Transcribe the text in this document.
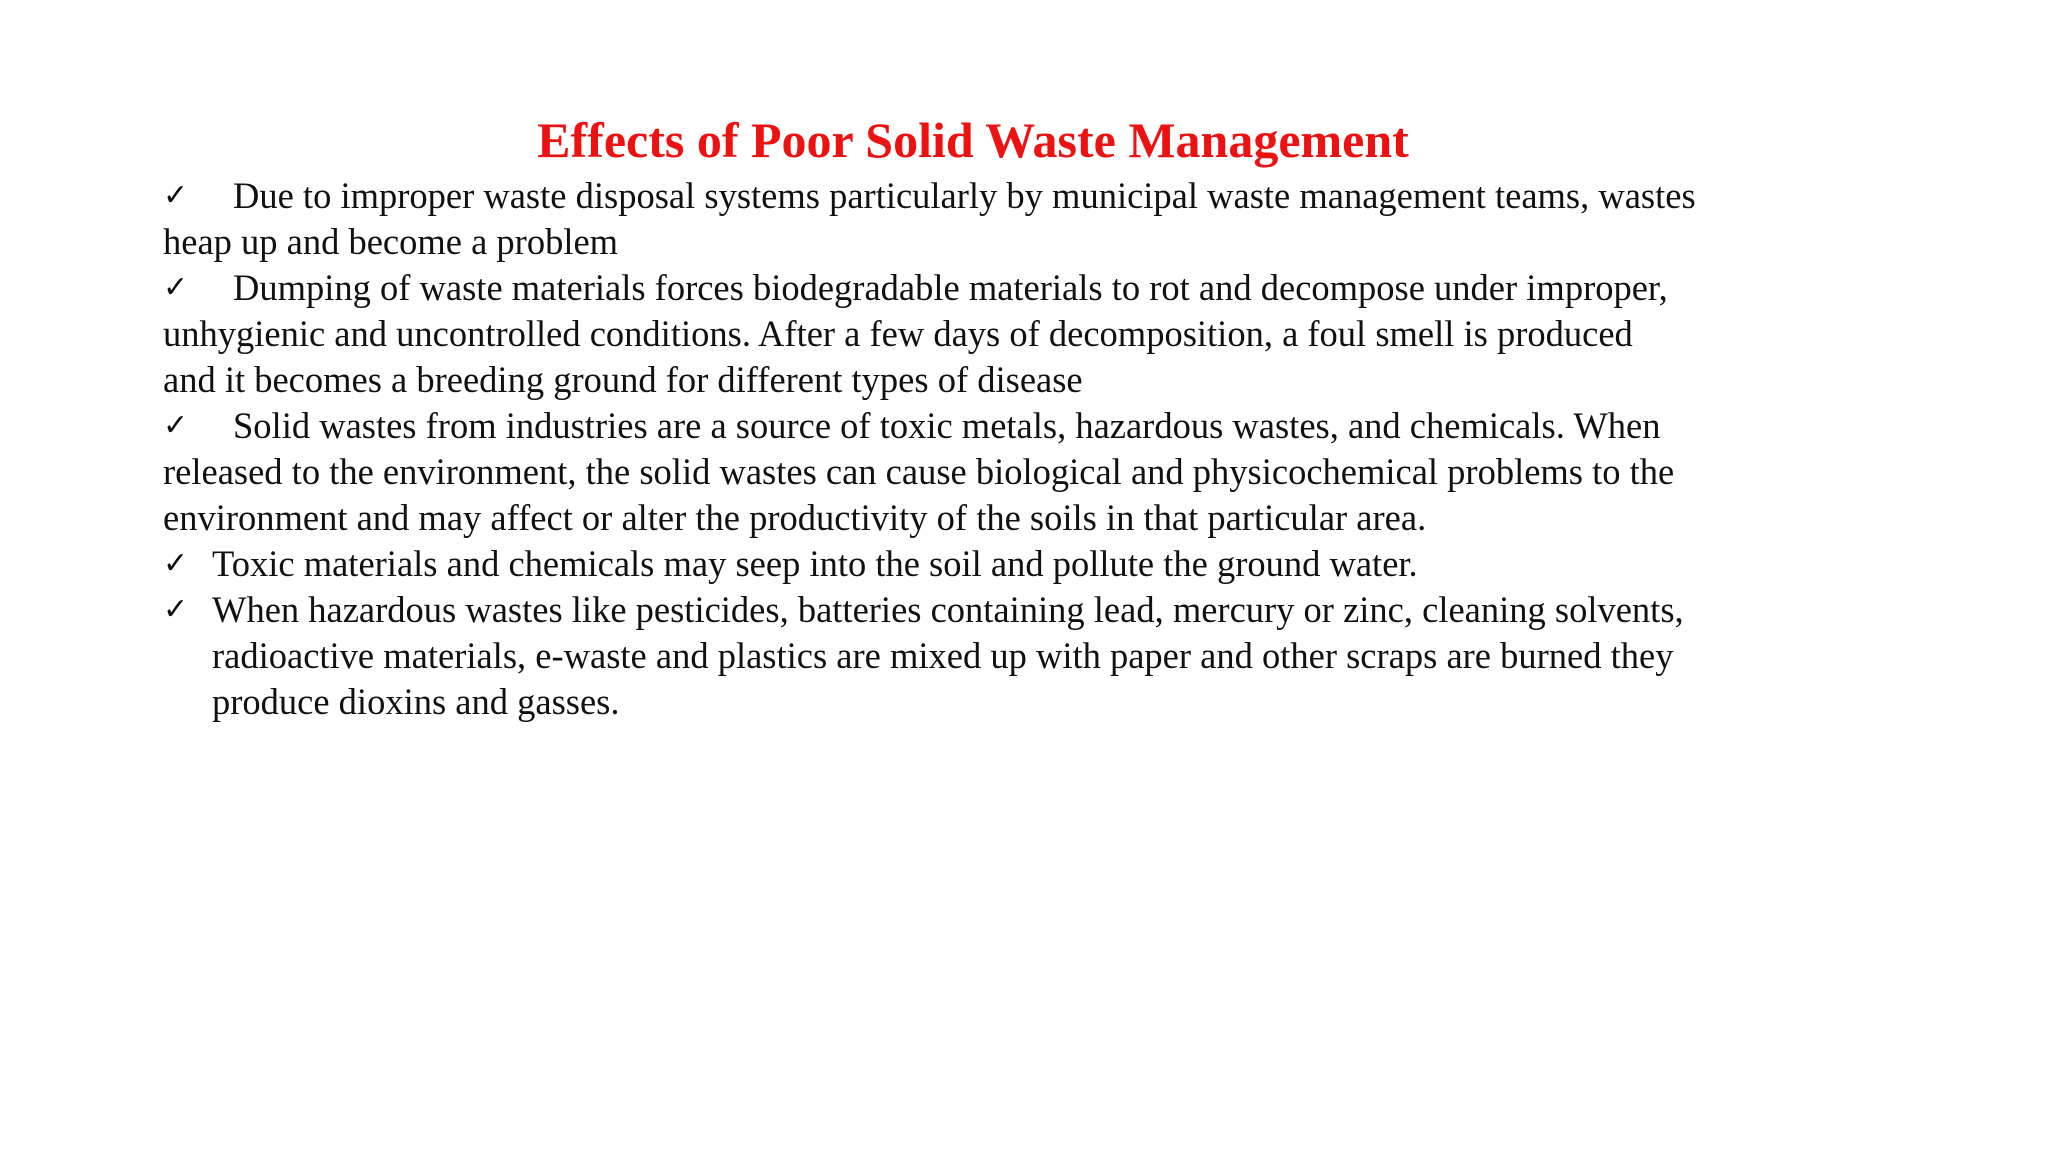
Effects of Poor Solid Waste Management
✓ Due to improper waste disposal systems particularly by municipal waste management teams, wastes
heap up and become a problem
✓ Dumping of waste materials forces biodegradable materials to rot and decompose under improper,
unhygienic and uncontrolled conditions. After a few days of decomposition, a foul smell is produced
and it becomes a breeding ground for different types of disease
✓ Solid wastes from industries are a source of toxic metals, hazardous wastes, and chemicals. When
released to the environment, the solid wastes can cause biological and physicochemical problems to the
environment and may affect or alter the productivity of the soils in that particular area.
✓ Toxic materials and chemicals may seep into the soil and pollute the ground water.
✓ When hazardous wastes like pesticides, batteries containing lead, mercury or zinc, cleaning solvents,
radioactive materials, e-waste and plastics are mixed up with paper and other scraps are burned they
produce dioxins and gasses.
